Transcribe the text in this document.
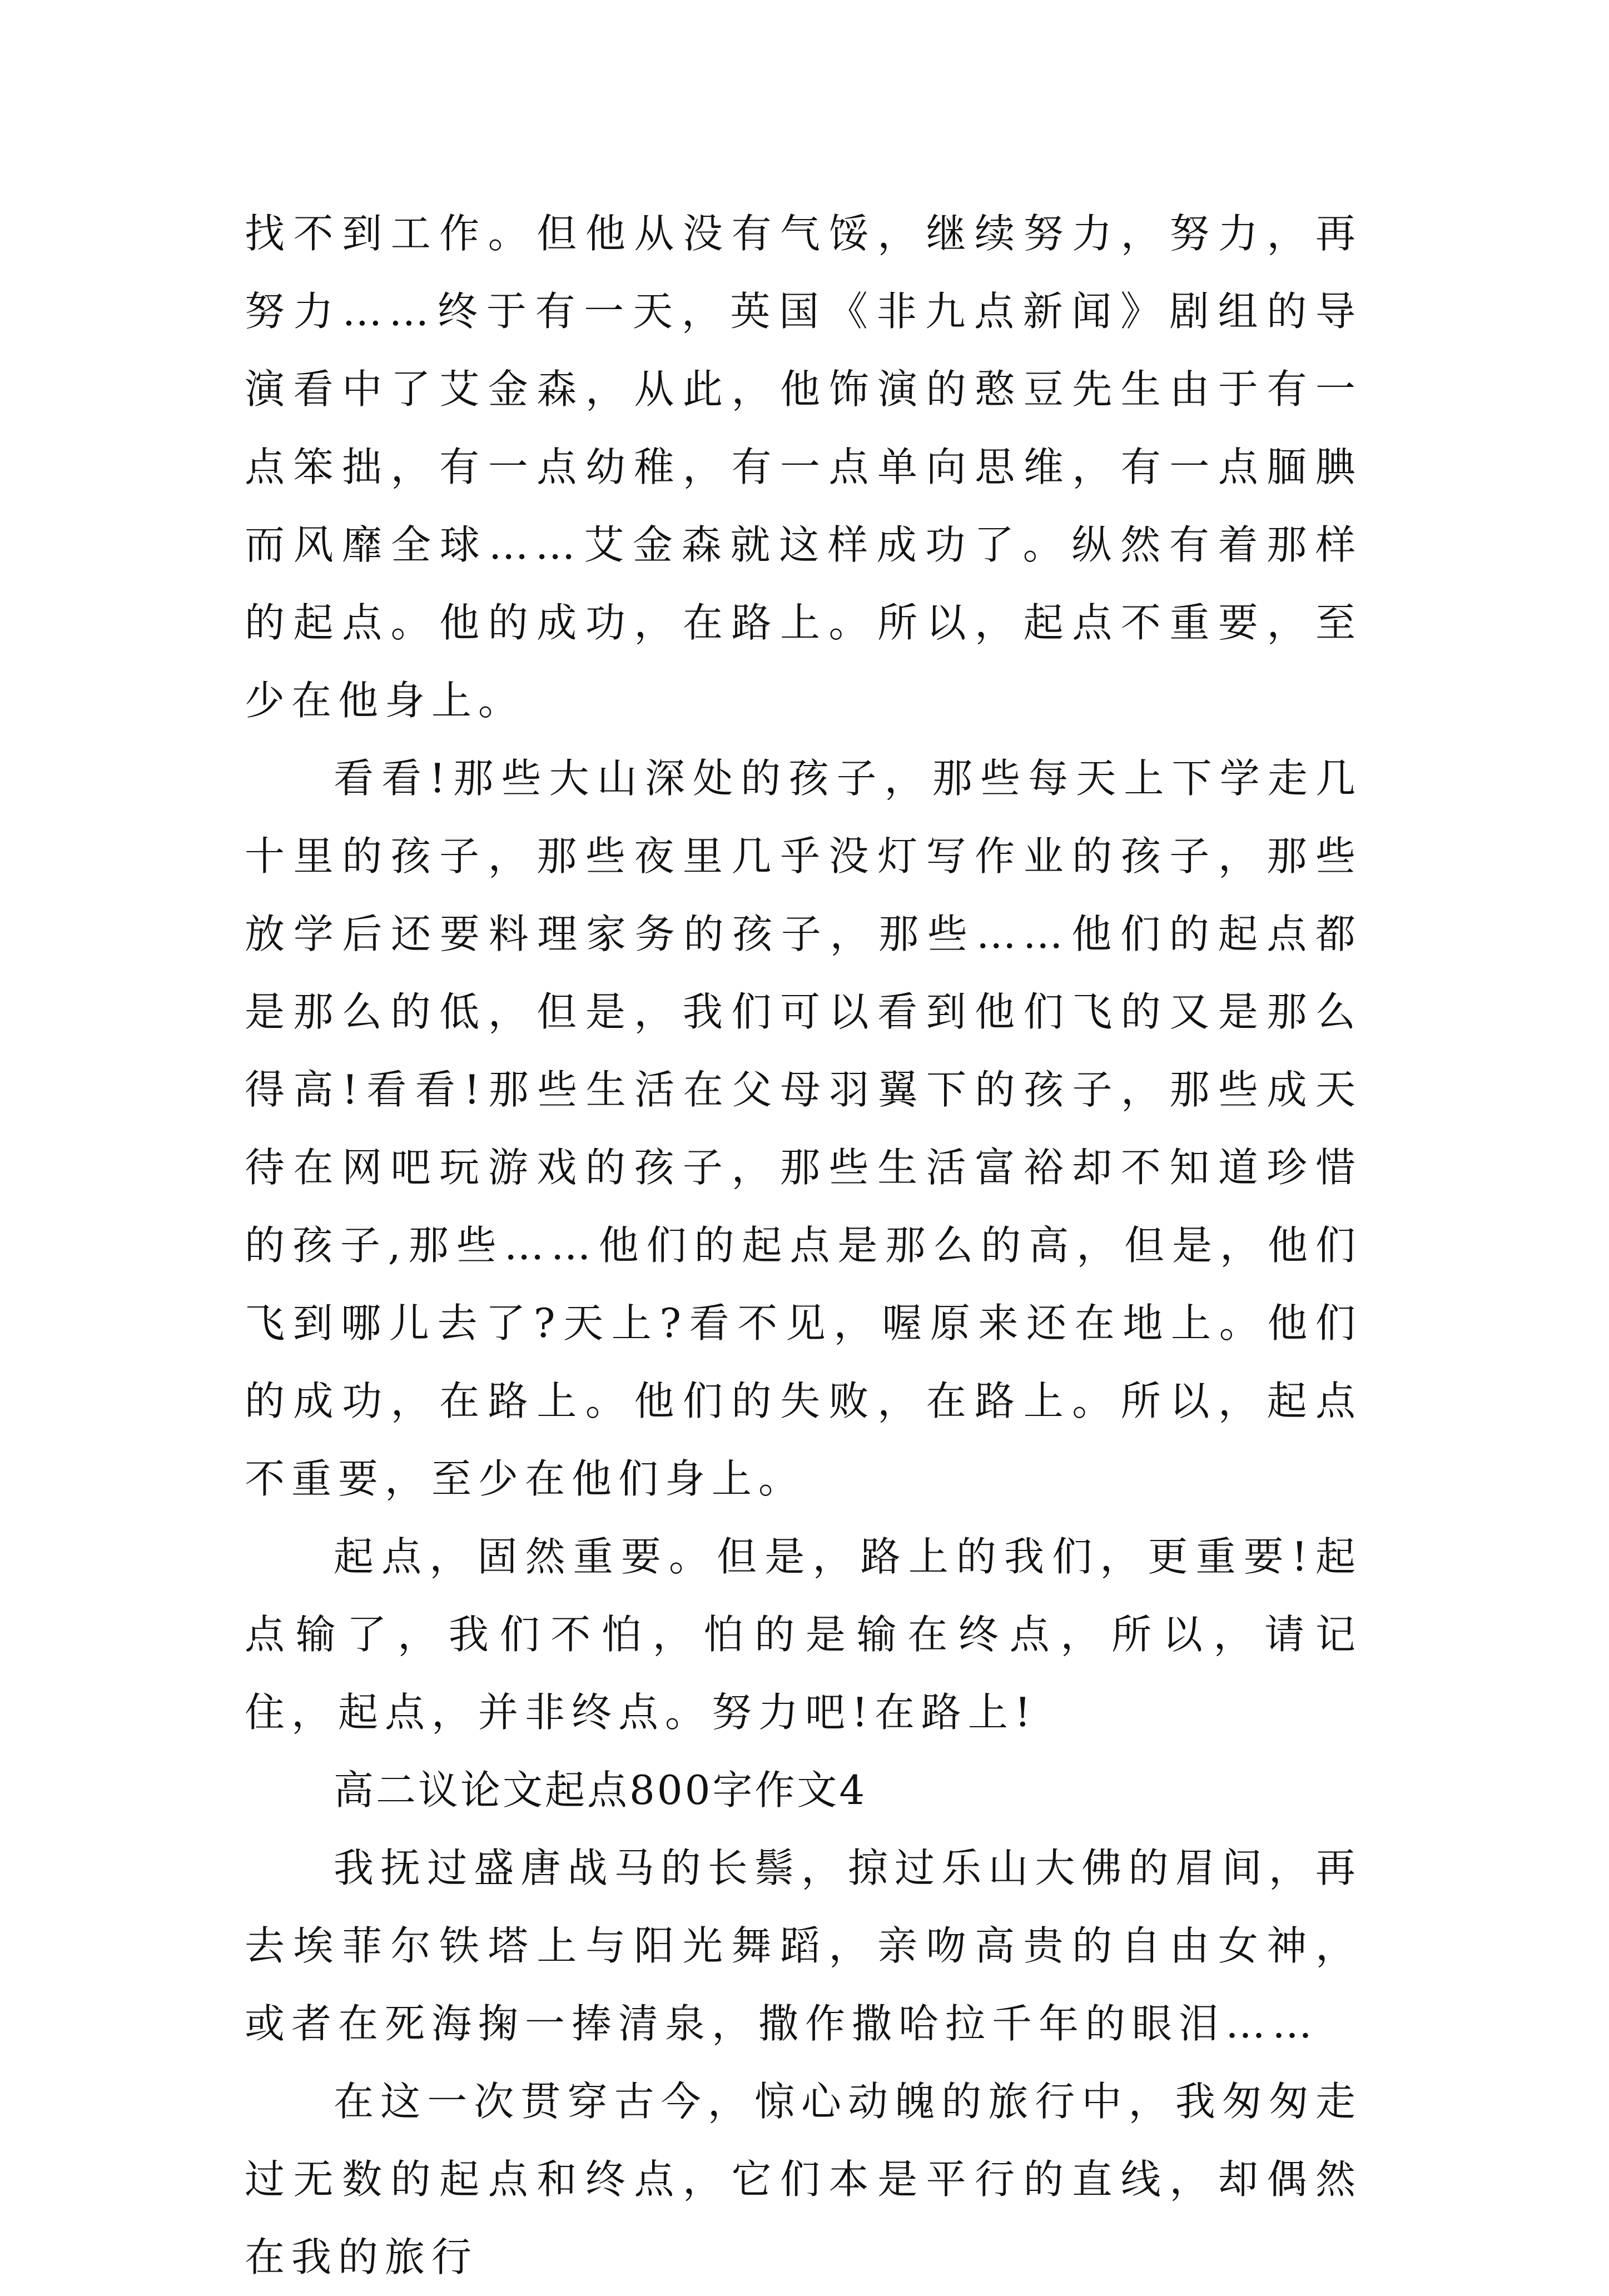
找不到工作。但他从没有气馁，继续努力，努力，再努力……终于有一天，英国《非九点新闻》剧组的导演看中了艾金森，从此，他饰演的憨豆先生由于有一点笨拙，有一点幼稚，有一点单向思维，有一点腼腆而风靡全球……艾金森就这样成功了。纵然有着那样的起点。他的成功，在路上。所以，起点不重要，至少在他身上。

看看!那些大山深处的孩子，那些每天上下学走几十里的孩子，那些夜里几乎没灯写作业的孩子，那些放学后还要料理家务的孩子，那些……他们的起点都是那么的低，但是，我们可以看到他们飞的又是那么得高!看看!那些生活在父母羽翼下的孩子，那些成天待在网吧玩游戏的孩子，那些生活富裕却不知道珍惜的孩子,那些……他们的起点是那么的高，但是，他们飞到哪儿去了?天上?看不见，喔原来还在地上。他们的成功，在路上。他们的失败，在路上。所以，起点不重要，至少在他们身上。

起点，固然重要。但是，路上的我们，更重要!起点输了，我们不怕，怕的是输在终点，所以，请记住，起点，并非终点。努力吧!在路上!

高二议论文起点800字作文4

我抚过盛唐战马的长鬃，掠过乐山大佛的眉间，再去埃菲尔铁塔上与阳光舞蹈，亲吻高贵的自由女神，或者在死海掬一捧清泉，撒作撒哈拉千年的眼泪……

在这一次贯穿古今，惊心动魄的旅行中，我匆匆走过无数的起点和终点，它们本是平行的直线，却偶然在我的旅行
